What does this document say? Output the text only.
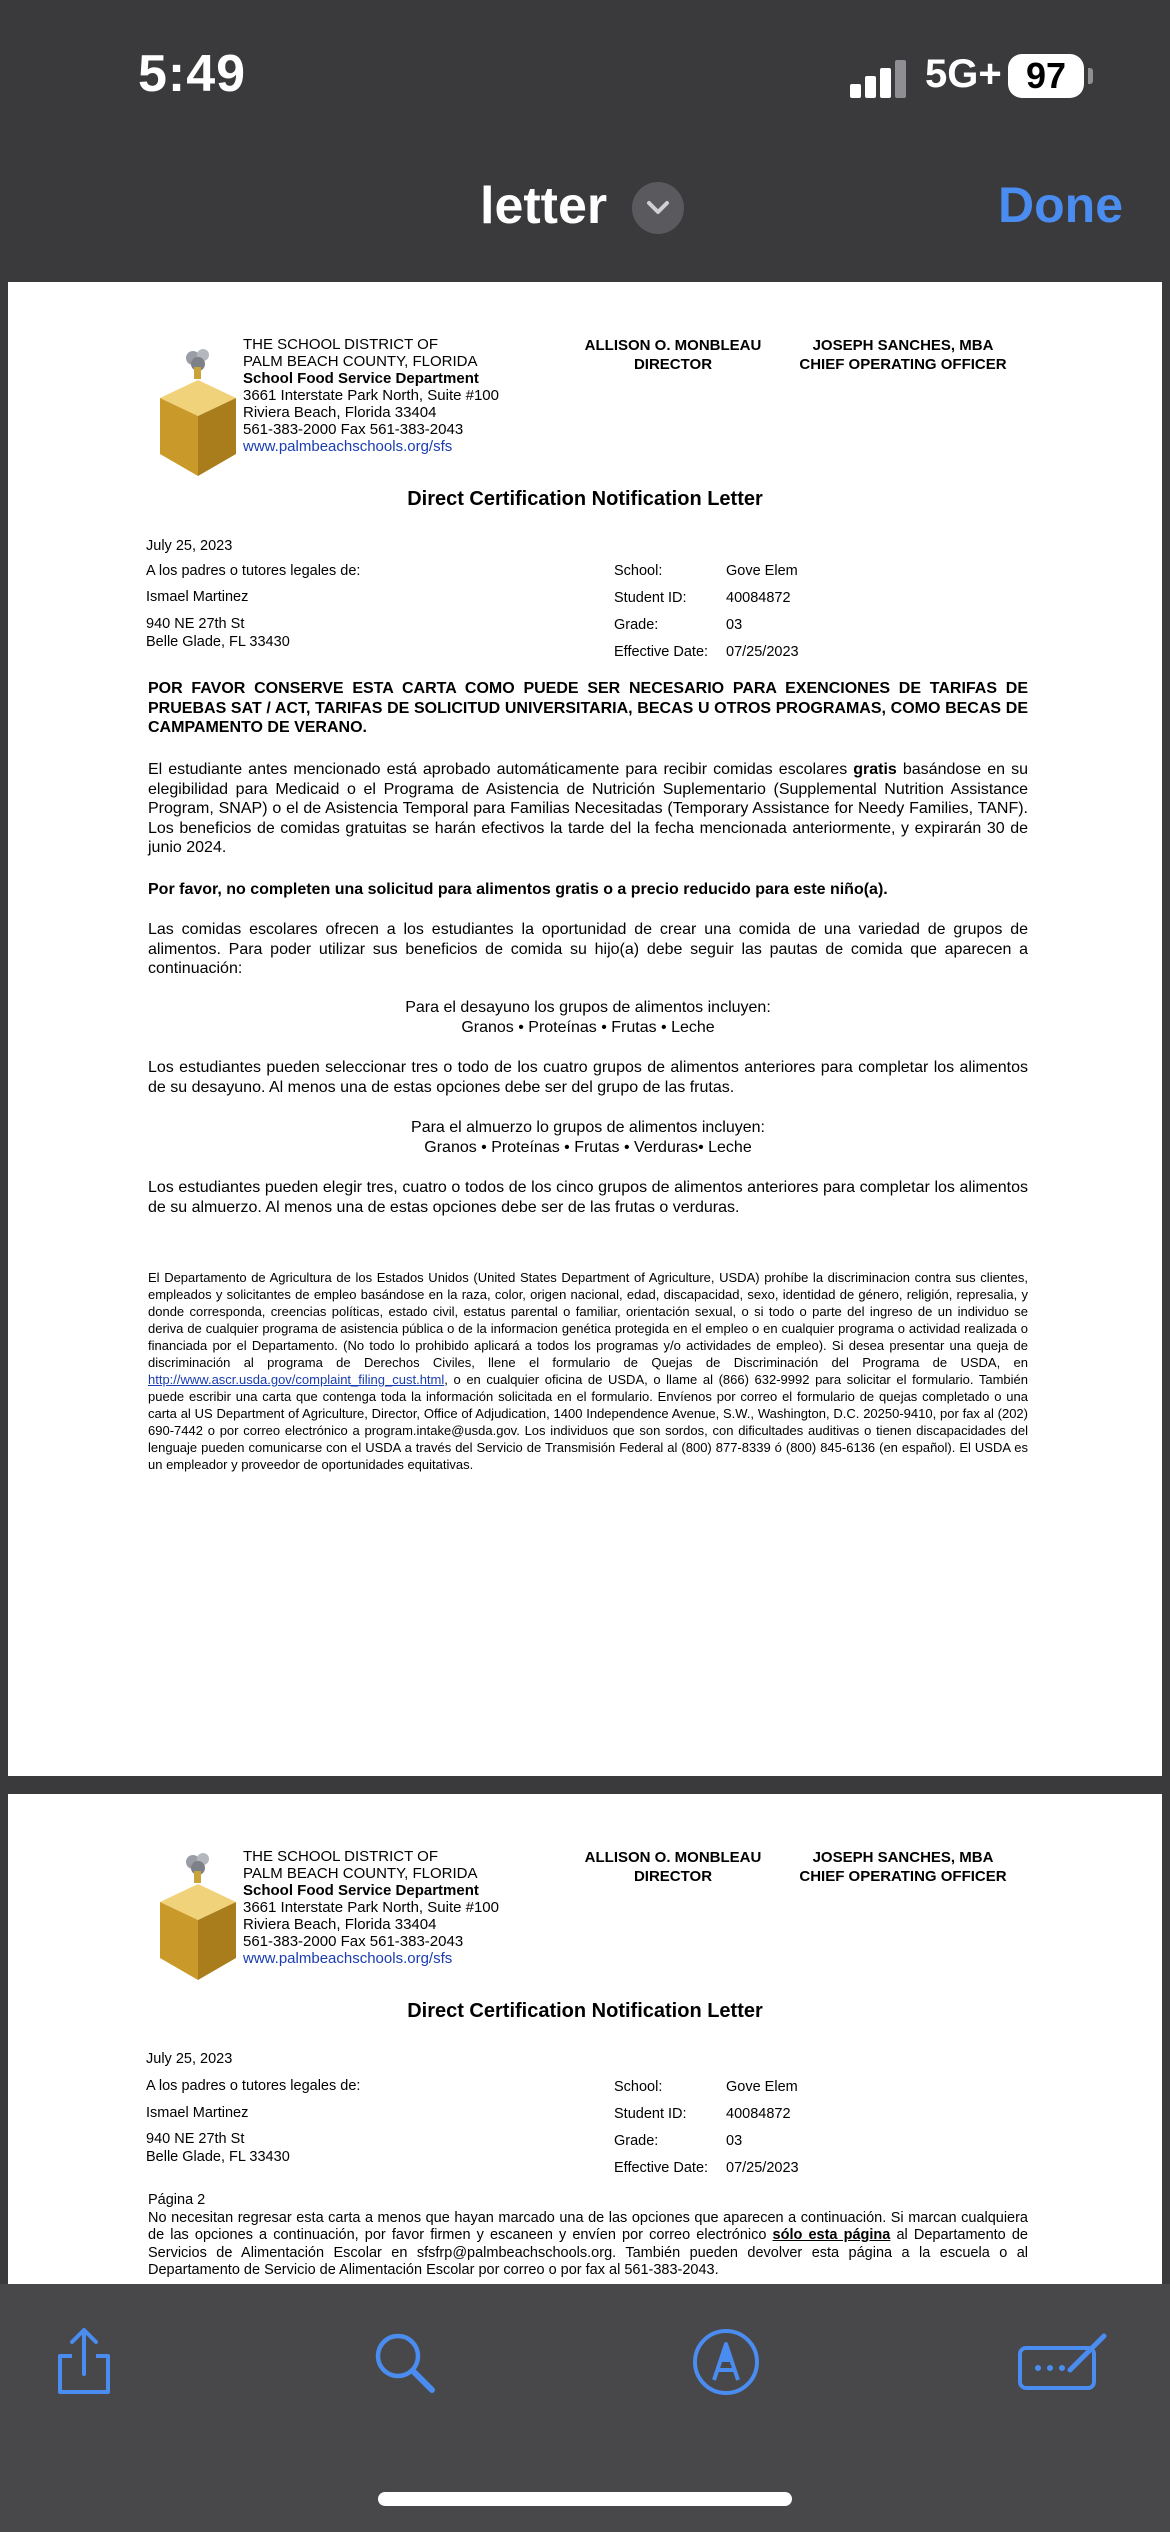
5:49	5G+ 97
letter	Done
THE SCHOOL DISTRICT OF
PALM BEACH COUNTY, FLORIDA
School Food Service Department
3661 Interstate Park North, Suite #100
Riviera Beach, Florida 33404
561-383-2000 Fax 561-383-2043
www.palmbeachschools.org/sfs
ALLISON O. MONBLEAU
DIRECTOR
JOSEPH SANCHES, MBA
CHIEF OPERATING OFFICER
Direct Certification Notification Letter
July 25, 2023
A los padres o tutores legales de:
Ismael Martinez
940 NE 27th St
Belle Glade, FL 33430
School:
Student ID:
Grade:
Effective Date:
Gove Elem
40084872
03
07/25/2023
POR FAVOR CONSERVE ESTA CARTA COMO PUEDE SER NECESARIO PARA EXENCIONES DE TARIFAS DE PRUEBAS SAT / ACT, TARIFAS DE SOLICITUD UNIVERSITARIA, BECAS U OTROS PROGRAMAS, COMO BECAS DE CAMPAMENTO DE VERANO.
El estudiante antes mencionado está aprobado automáticamente para recibir comidas escolares gratis basándose en su elegibilidad para Medicaid o el Programa de Asistencia de Nutrición Suplementario (Supplemental Nutrition Assistance Program, SNAP) o el de Asistencia Temporal para Familias Necesitadas (Temporary Assistance for Needy Families, TANF). Los beneficios de comidas gratuitas se harán efectivos la tarde del la fecha mencionada anteriormente, y expirarán 30 de junio 2024.
Por favor, no completen una solicitud para alimentos gratis o a precio reducido para este niño(a).
Las comidas escolares ofrecen a los estudiantes la oportunidad de crear una comida de una variedad de grupos de alimentos. Para poder utilizar sus beneficios de comida su hijo(a) debe seguir las pautas de comida que aparecen a continuación:
Para el desayuno los grupos de alimentos incluyen:
Granos • Proteínas • Frutas • Leche
Los estudiantes pueden seleccionar tres o todo de los cuatro grupos de alimentos anteriores para completar los alimentos de su desayuno. Al menos una de estas opciones debe ser del grupo de las frutas.
Para el almuerzo lo grupos de alimentos incluyen:
Granos • Proteínas • Frutas • Verduras• Leche
Los estudiantes pueden elegir tres, cuatro o todos de los cinco grupos de alimentos anteriores para completar los alimentos de su almuerzo. Al menos una de estas opciones debe ser de las frutas o verduras.
El Departamento de Agricultura de los Estados Unidos (United States Department of Agriculture, USDA) prohíbe la discriminacion contra sus clientes, empleados y solicitantes de empleo basándose en la raza, color, origen nacional, edad, discapacidad, sexo, identidad de género, religión, represalia, y donde corresponda, creencias políticas, estado civil, estatus parental o familiar, orientación sexual, o si todo o parte del ingreso de un individuo se deriva de cualquier programa de asistencia pública o de la informacion genética protegida en el empleo o en cualquier programa o actividad realizada o financiada por el Departamento. (No todo lo prohibido aplicará a todos los programas y/o actividades de empleo). Si desea presentar una queja de discriminación al programa de Derechos Civiles, llene el formulario de Quejas de Discriminación del Programa de USDA, en http://www.ascr.usda.gov/complaint_filing_cust.html, o en cualquier oficina de USDA, o llame al (866) 632-9992 para solicitar el formulario. También puede escribir una carta que contenga toda la información solicitada en el formulario. Envíenos por correo el formulario de quejas completado o una carta al US Department of Agriculture, Director, Office of Adjudication, 1400 Independence Avenue, S.W., Washington, D.C. 20250-9410, por fax al (202) 690-7442 o por correo electrónico a program.intake@usda.gov. Los individuos que son sordos, con dificultades auditivas o tienen discapacidades del lenguaje pueden comunicarse con el USDA a través del Servicio de Transmisión Federal al (800) 877-8339 ó (800) 845-6136 (en español). El USDA es un empleador y proveedor de oportunidades equitativas.
THE SCHOOL DISTRICT OF
PALM BEACH COUNTY, FLORIDA
School Food Service Department
3661 Interstate Park North, Suite #100
Riviera Beach, Florida 33404
561-383-2000 Fax 561-383-2043
www.palmbeachschools.org/sfs
ALLISON O. MONBLEAU
DIRECTOR
JOSEPH SANCHES, MBA
CHIEF OPERATING OFFICER
Direct Certification Notification Letter
July 25, 2023
A los padres o tutores legales de:
Ismael Martinez
940 NE 27th St
Belle Glade, FL 33430
School:
Student ID:
Grade:
Effective Date:
Gove Elem
40084872
03
07/25/2023
Página 2
No necesitan regresar esta carta a menos que hayan marcado una de las opciones que aparecen a continuación. Si marcan cualquiera de las opciones a continuación, por favor firmen y escaneen y envíen por correo electrónico sólo esta página al Departamento de Servicios de Alimentación Escolar en sfsfrp@palmbeachschools.org. También pueden devolver esta página a la escuela o al Departamento de Servicio de Alimentación Escolar por correo o por fax al 561-383-2043.
